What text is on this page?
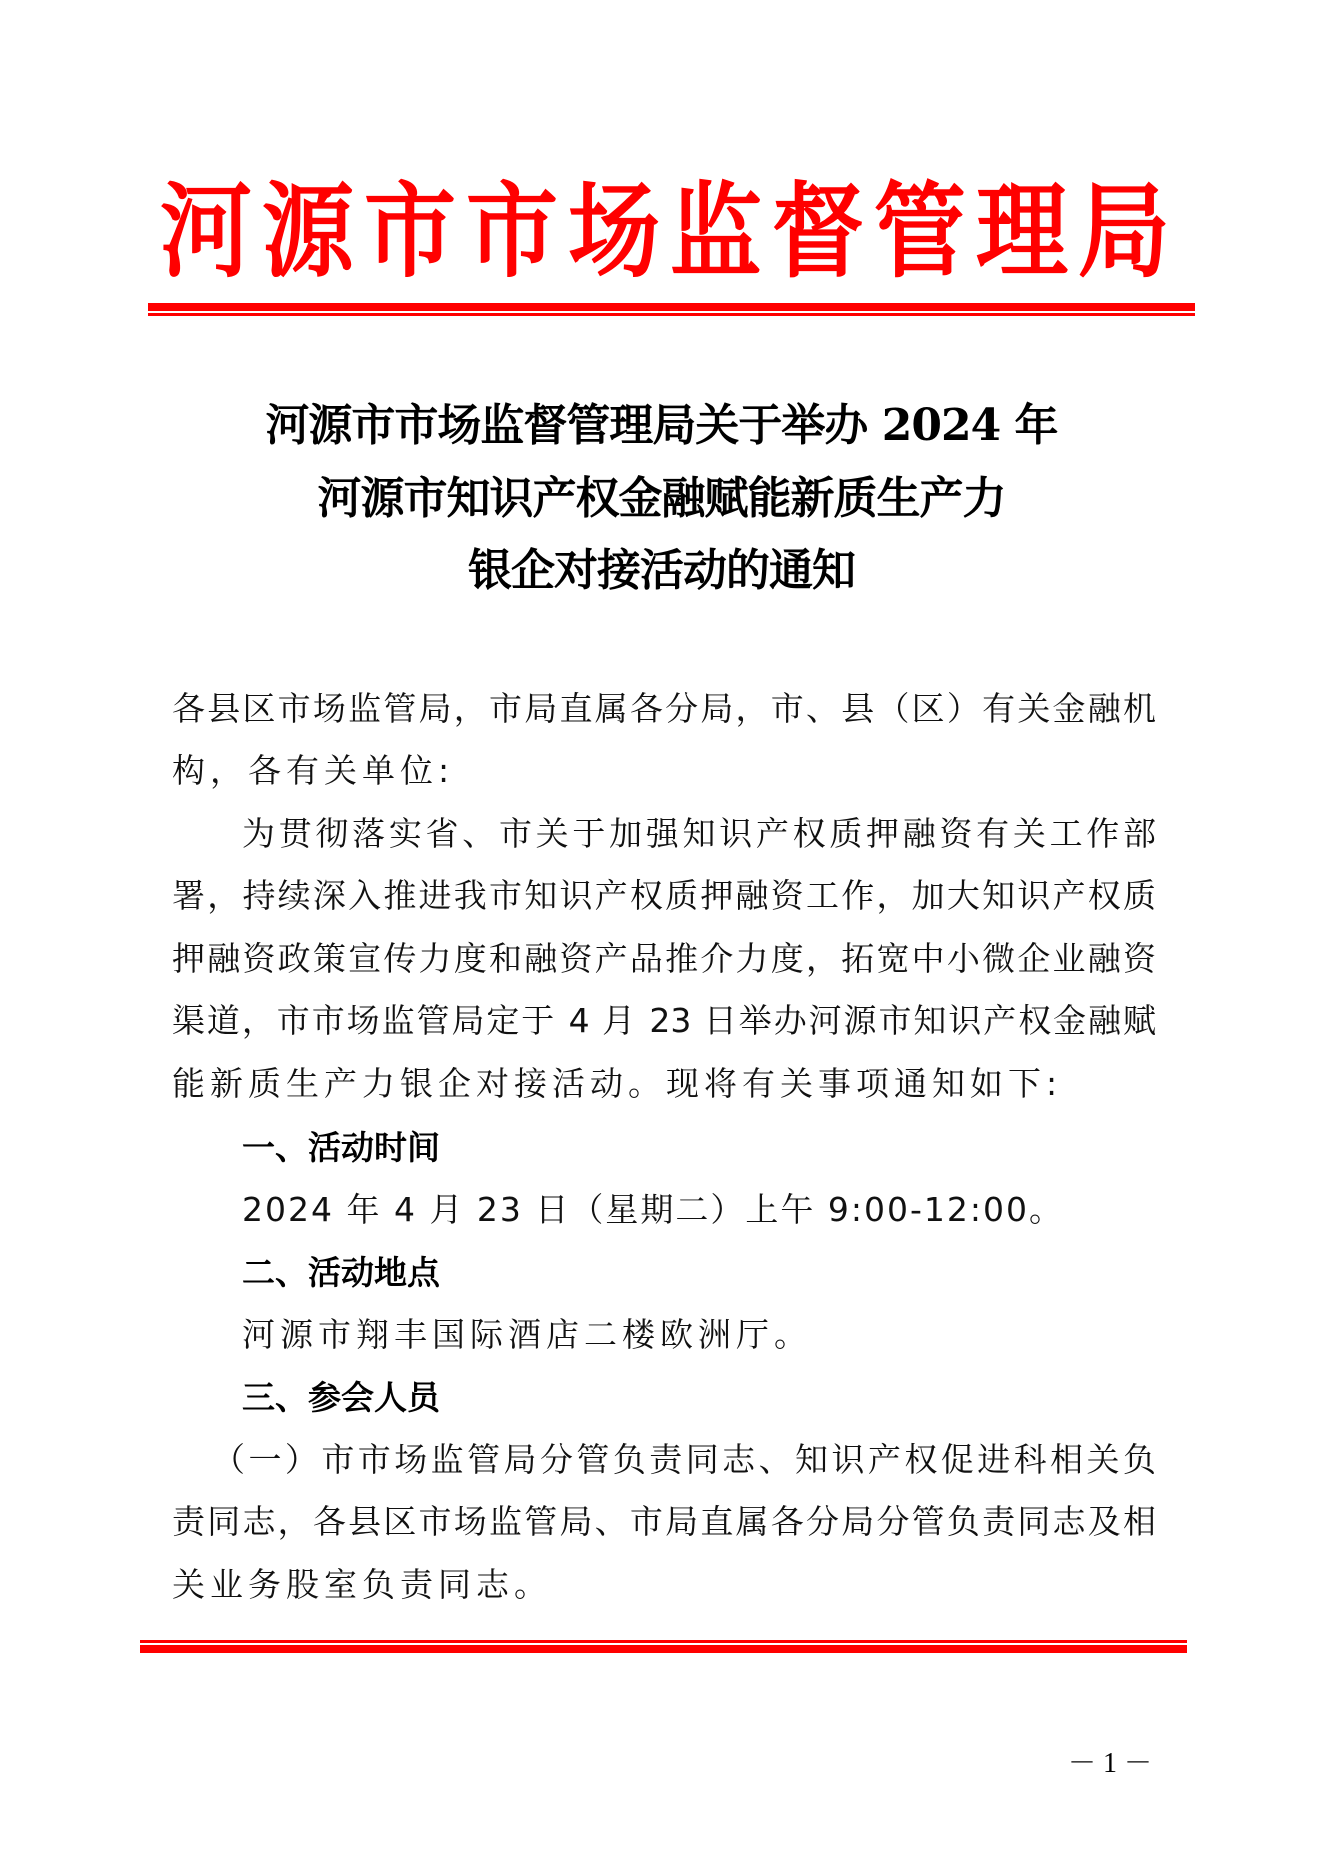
河 源 市 市 场 监 督 管 理 局
河源市市场监督管理局关于举办 2024 年
河源市知识产权金融赋能新质生产力
银企对接活动的通知
各县区市场监管局，市局直属各分局，市、县（区）有关金融机
构，各有关单位:
为贯彻落实省、市关于加强知识产权质押融资有关工作部
署，持续深入推进我市知识产权质押融资工作，加大知识产权质
押融资政策宣传力度和融资产品推介力度，拓宽中小微企业融资
渠道，市市场监管局定于 4 月 23 日举办河源市知识产权金融赋
能新质生产力银企对接活动。现将有关事项通知如下:
一、活动时间
2024 年 4 月 23 日（星期二）上午 9:00-12:00。
二、活动地点
河源市翔丰国际酒店二楼欧洲厅。
三、参会人员
（一）市市场监管局分管负责同志、知识产权促进科相关负
责同志，各县区市场监管局、市局直属各分局分管负责同志及相
关业务股室负责同志。
－ 1 －
